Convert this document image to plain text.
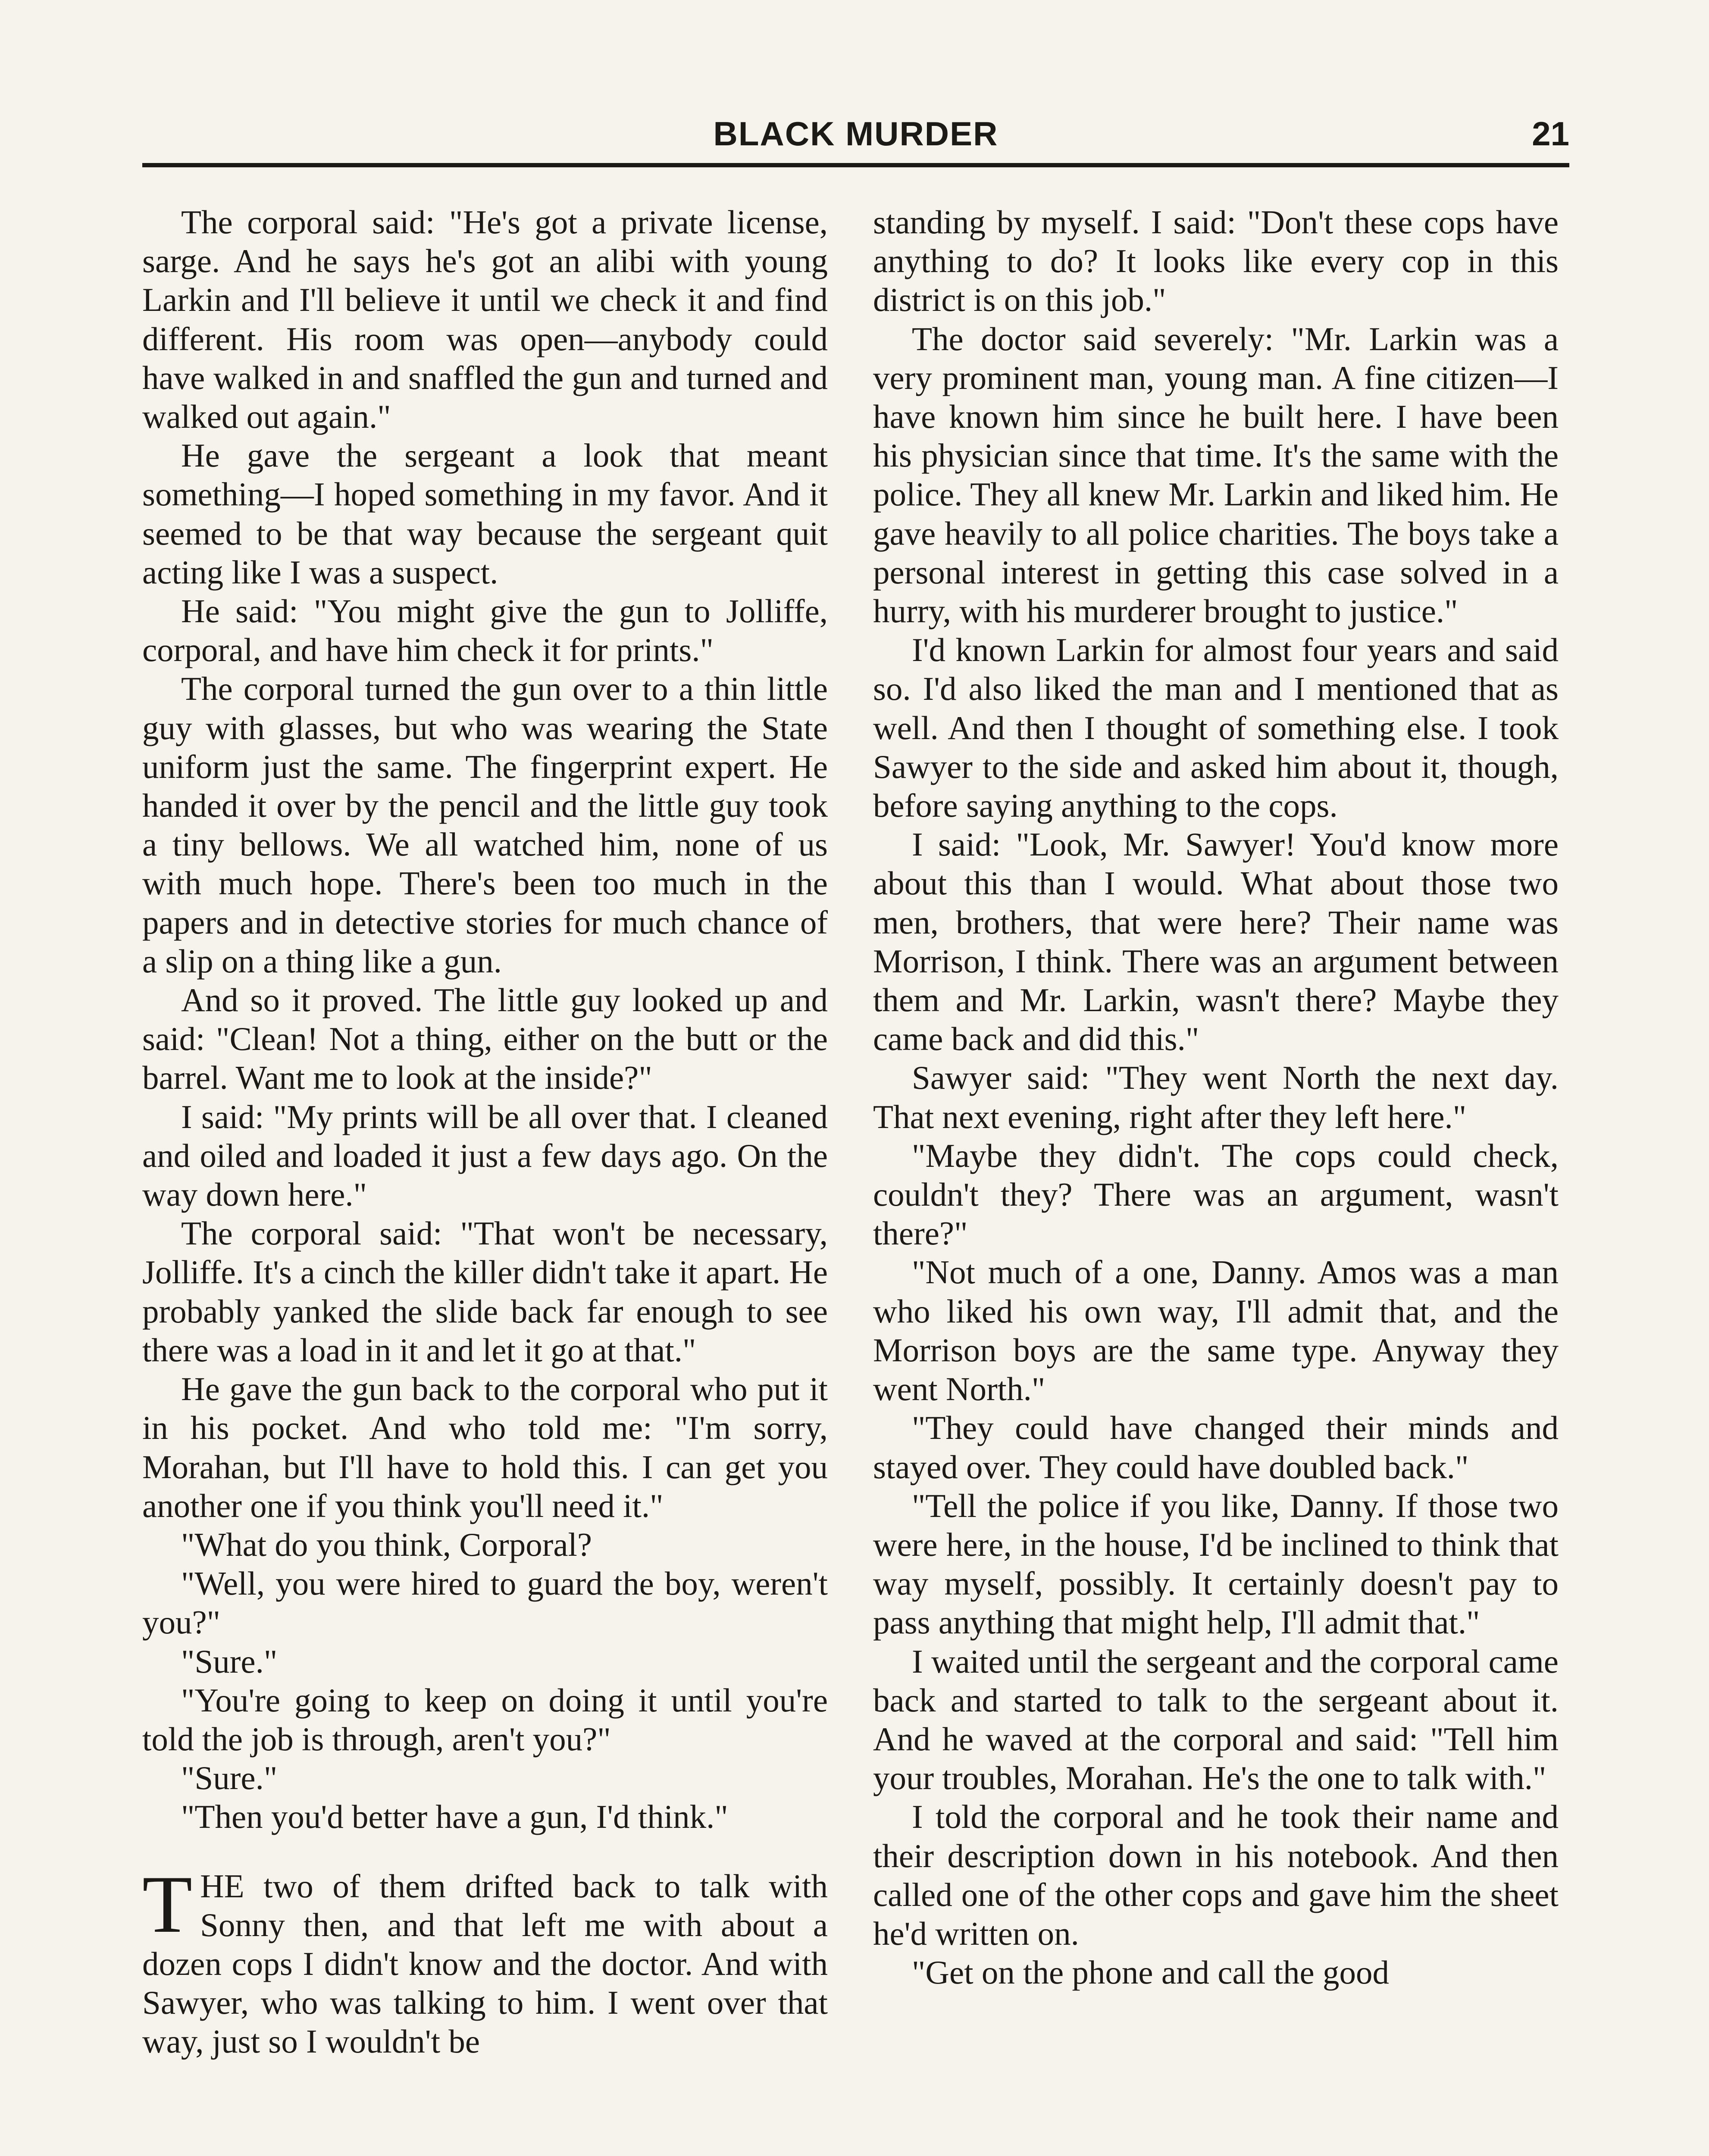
BLACK MURDER	21

The corporal said: "He's got a private license, sarge. And he says he's got an alibi with young Larkin and I'll believe it until we check it and find different. His room was open—anybody could have walked in and snaffled the gun and turned and walked out again."

He gave the sergeant a look that meant something—I hoped something in my favor. And it seemed to be that way because the sergeant quit acting like I was a suspect.

He said: "You might give the gun to Jolliffe, corporal, and have him check it for prints."

The corporal turned the gun over to a thin little guy with glasses, but who was wearing the State uniform just the same. The fingerprint expert. He handed it over by the pencil and the little guy took a tiny bellows. We all watched him, none of us with much hope. There's been too much in the papers and in detective stories for much chance of a slip on a thing like a gun.

And so it proved. The little guy looked up and said: "Clean! Not a thing, either on the butt or the barrel. Want me to look at the inside?"

I said: "My prints will be all over that. I cleaned and oiled and loaded it just a few days ago. On the way down here."

The corporal said: "That won't be necessary, Jolliffe. It's a cinch the killer didn't take it apart. He probably yanked the slide back far enough to see there was a load in it and let it go at that."

He gave the gun back to the corporal who put it in his pocket. And who told me: "I'm sorry, Morahan, but I'll have to hold this. I can get you another one if you think you'll need it."

"What do you think, Corporal?

"Well, you were hired to guard the boy, weren't you?"

"Sure."

"You're going to keep on doing it until you're told the job is through, aren't you?"

"Sure."

"Then you'd better have a gun, I'd think."

THE two of them drifted back to talk with Sonny then, and that left me with about a dozen cops I didn't know and the doctor. And with Sawyer, who was talking to him. I went over that way, just so I wouldn't be

standing by myself. I said: "Don't these cops have anything to do? It looks like every cop in this district is on this job."

The doctor said severely: "Mr. Larkin was a very prominent man, young man. A fine citizen—I have known him since he built here. I have been his physician since that time. It's the same with the police. They all knew Mr. Larkin and liked him. He gave heavily to all police charities. The boys take a personal interest in getting this case solved in a hurry, with his murderer brought to justice."

I'd known Larkin for almost four years and said so. I'd also liked the man and I mentioned that as well. And then I thought of something else. I took Sawyer to the side and asked him about it, though, before saying anything to the cops.

I said: "Look, Mr. Sawyer! You'd know more about this than I would. What about those two men, brothers, that were here? Their name was Morrison, I think. There was an argument between them and Mr. Larkin, wasn't there? Maybe they came back and did this."

Sawyer said: "They went North the next day. That next evening, right after they left here."

"Maybe they didn't. The cops could check, couldn't they? There was an argument, wasn't there?"

"Not much of a one, Danny. Amos was a man who liked his own way, I'll admit that, and the Morrison boys are the same type. Anyway they went North."

"They could have changed their minds and stayed over. They could have doubled back."

"Tell the police if you like, Danny. If those two were here, in the house, I'd be inclined to think that way myself, possibly. It certainly doesn't pay to pass anything that might help, I'll admit that."

I waited until the sergeant and the corporal came back and started to talk to the sergeant about it. And he waved at the corporal and said: "Tell him your troubles, Morahan. He's the one to talk with."

I told the corporal and he took their name and their description down in his notebook. And then called one of the other cops and gave him the sheet he'd written on.

"Get on the phone and call the good
